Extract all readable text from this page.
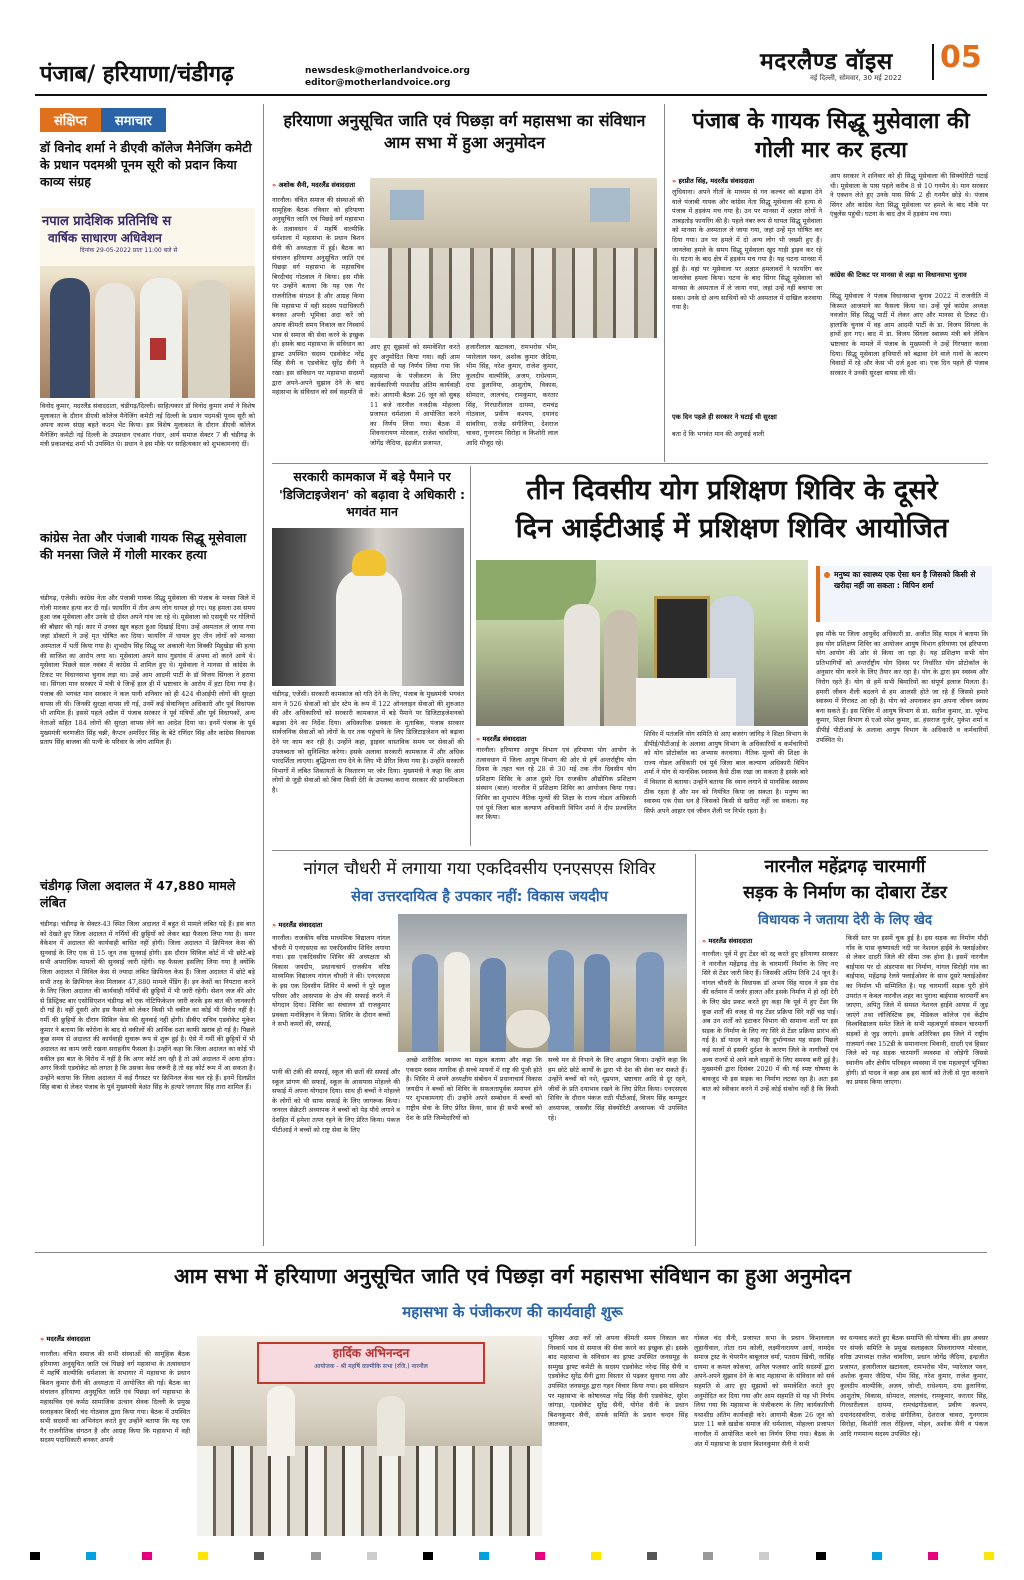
पंजाब/ हरियाणा/चंडीगढ़	newsdesk@motherlandvoice.org
editor@motherlandvoice.org
मदरलैण्ड वॉइस 05
नई दिल्ली, सोमवार, 30 मई 2022
संक्षिप्त	समाचार
डॉ विनोद शर्मा ने डीएवी कॉलेज मैनेजिंग कमेटी के प्रधान पदमश्री पूनम सूरी को प्रदान किया काव्य संग्रह
नपाल प्रादेशिक प्रतिनिधि स
वार्षिक साधारण अधिवेशन
दिनांक 29-05-2022 प्रातः 11:00 बजे से
विनोद कुमार, मदरलैंड संवाददाता, चंडीगढ़/दिल्ली। साहित्यकार डॉ विनोद कुमार शर्मा ने विशेष मुलाकात के दौरान डीएवी कॉलेज मैनेजिंग कमेटी नई दिल्ली के प्रधान पदमश्री पूनम सूरी को अपना काव्य संग्रह बहते कदम भेंट किया। इस विशेष मुलाकात के दौरान डीएवी कॉलेज मैनेजिंग कमेटी नई दिल्ली के उपप्रधान एचआर गंधार, आर्य समाज सेक्टर 7 बी चंडीगढ़ के मंत्री प्रकाशचंद्र शर्मा भी उपस्थित थे। प्रधान ने इस मौके पर साहित्यकार को शुभकामनाएं दीं।
कांग्रेस नेता और पंजाबी गायक सिद्धू मूसेवाला की मनसा जिले में गोली मारकर हत्या
चंडीगढ़, एजेंसी। कांग्रेस नेता और पंजाबी गायक सिद्धू मूसेवाला की पंजाब के मनसा जिले में गोली मारकर हत्या कर दी गई। फायरिंग में तीन अन्य लोग घायल हो गए। यह हमला उस समय हुआ जब मूसेवाला और उनके दो दोस्त अपने गांव जा रहे थे। मूसेवाला को एसयूवी पर गोलियों की बौछार की गई। कार में उनका खून बहता हुआ दिखाई दिया। उन्हें अस्पताल ले जाया गया जहां डॉक्टरों ने उन्हें मृत घोषित कर दिया। फायरिंग में घायल हुए तीन लोगों को मानसा अस्पताल में भर्ती किया गया है। शुभदीप सिंह सिद्धू पर अकाली नेता विक्की मिद्दुखेड़ा की हत्या की साजिश का आरोप लगा था। मूसेवाला अपने साथ गुडगांव में अपना शो करने आये थे। मूसेवाला पिछले साल नवंबर में कांग्रेस में शामिल हुए थे। मूसेवाला ने मानसा से कांग्रेस के टिकट पर विधानसभा चुनाव लड़ा था। उन्हें आम आदमी पार्टी के डॉ विजय सिंगला ने हराया था। सिंगला मान सरकार में मंत्री थे जिन्हें हाल ही में भ्रष्टाचार के आरोप में हटा दिया गया है। पंजाब की भगवंत मान सरकार ने कल यानी शनिवार को ही 424 वीआईपी लोगों की सुरक्षा वापस ली थी। जिनकी सुरक्षा वापस ली गई, उनमें कई सेवानिवृत्त अधिकारी और पूर्व विधायक भी शामिल हैं। इससे पहले अप्रैल में पंजाब सरकार ने पूर्व मंत्रियों और पूर्व विधायकों, अन्य नेताओं सहित 184 लोगों की सुरक्षा वापस लेने का आदेश दिया था। इनमें पंजाब के पूर्व मुख्यमंत्री चरणजीत सिंह चन्नी, कैप्टन अमरिंदर सिंह के बेटे रणिंदर सिंह और कांग्रेस विधायक प्रताप सिंह बाजवा की पत्नी के परिवार के लोग शामिल हैं।
चंडीगढ़ जिला अदालत में 47,880 मामले लंबित
चंडीगढ़। चंडीगढ़ के सेक्टर-43 स्थित जिला अदालत में बहुत से मामले लंबित पड़े हैं। इस बात को देखते हुए जिला अदालत में गर्मियों की छुट्टियों को लेकर बड़ा फैसला लिया गया है। समर वैकेशन में अदालत की कार्यवाही बाधित नहीं होगी। जिला अदालत में क्रिमिनल केस की सुनवाई के लिए एक से 15 जून तक सुनवाई होगी। इस दौरान सिविल कोर्ट में भी छोटे-बड़े सभी अपराधिक मामलों की सुनवाई जारी रहेगी। यह फैसला इसलिए लिया गया है क्योंकि जिला अदालत में सिविल केस से ज्यादा लंबित क्रिमिनल केस हैं। जिला अदालत में छोटे बड़े सभी तरह के क्रिमिनल केस मिलाकर 47,880 मामले पेंडिंग हैं। इन केसों का निपटारा करने के लिए जिला अदालत की कार्यवाही गर्मियों की छुट्टियों में भी जारी रहेगी। सेशन जज की ओर से डिस्ट्रिक्ट बार एसोसिएशन चंडीगढ़ को एक नोटिफिकेशन जारी करके इस बात की जानकारी दी गई है। वहीं दूसरी ओर इस फैसले को लेकर किसी भी वकील का कोई भी विरोध नहीं है। गर्मी की छुट्टियों के दौरान सिविल केस की सुनवाई नहीं होगी। डीबीए सचिव एडवोकेट मुकेश कुमार ने बताया कि कोरोना के बाद से वकीलों की आर्थिक दशा काफी खराब हो गई है। पिछले कुछ समय से अदालत की कार्यवाही सुचारू रूप से शुरू हुई है। ऐसे में गर्मी की छुट्टियों में भी अदालत का काम जारी रखना सराहनीय फैसला है। उन्होंने कहा कि जिला अदालत का कोई भी वकील इस बात के विरोध में नहीं है कि अगर कोर्ट लग रही है तो उसे अदालत में आना होगा। अगर किसी एडवोकेट को लगता है कि उसका केस जरूरी है तो वह कोर्ट रूम में आ सकता है। उन्होंने बताया कि जिला अदालत में कई गैंगस्टर पर क्रिमिनल केस चल रहे हैं। इनमें दिलप्रीत सिंह बाबा से लेकर पंजाब के पूर्व मुख्यमंत्री बेअंत सिंह के हत्यारे जगतार सिंह तारा शामिल हैं।
हरियाणा अनुसूचित जाति एवं पिछड़ा वर्ग महासभा का संविधान आम सभा में हुआ अनुमोदन
» अशोक सैनी, मदरलैंड संवाददाता
नारनौल। वंचित समाज की संस्थाओं की सामूहिक बैठक रविवार को हरियाणा अनुसूचित जाति एवं पिछड़े वर्ग महासभा के तत्वावधान में महर्षि वाल्मीकि धर्मशाला में महासभा के प्रधान बिशन सैनी की अध्यक्षता में हुई। बैठक का संचालन हरियाणा अनुसूचित जाति एवं पिछड़ा वर्ग महासभा के महासचिव बिरदीचंद गोठवाल ने किया। इस मौके पर उन्होंने बताया कि यह एक गैर राजनीतिक संगठन है और आग्रह किया कि महासभा में वही सदस्य पदाधिकारी बनकर अपनी भूमिका अदा करें जो अपना कीमती समय निकाल कर निस्वार्थ भाव से समाज की सेवा करने के इच्छुक हो। इसके बाद महासभा के संविधान का ड्राफ्ट उपस्थित सदस्य एडवोकेट नरेंद्र सिंह सैनी व एडवोकेट सुरेंद्र सैनी ने रखा। इस संविधान पर महासभा सदस्यों द्वारा अपने-अपने सुझाव देने के बाद महासभा के संविधान को सर्व सहमति से
आए हुए सुझावों को समावेशित करते हुए अनुमोदित किया गया। वहीं आम सहमति से यह निर्णय लिया गया कि महासभा के पंजीकरण के लिए कार्यकारिणी यथाशीघ्र अंतिम कार्यवाही करे। आगामी बैठक 26 जून को सुबह 11 बजे नारनौल नजदीक मोहल्ला प्रजापत धर्मशाला में आयोजित करने का निर्णय लिया गया। बैठक में शिवनारायण मोरवाल, राजेश चांवरिया, जोगेंद्र जैदिया, इंद्रजीत प्रजापत,
हजारीलाल खटावला, रामभरोस भीम, प्यारेलाल पवन, अशोक कुमार जैदिया, भीम सिंह, नरेश कुमार, राजेश कुमार, कुलदीप वाल्मीकि, अजय, राधेश्याम, दया डुलानिया, आशुतोष, विकास, सोमदत्त, लालचंद, रामकुमार, करतार सिंह, गिरधारीलाल दायमा, रामचंद्र गोठवाल, प्रवीण कश्यप, दयानंद सांवरिया, राजेंद्र संगीलिया, देशराज चावरा, गुनगराम सिरोहा व किशोरी लाल आदि मौजूद रहे।
पंजाब के गायक सिद्धू मुसेवाला की गोली मार कर हत्या
» हरप्रीत सिंह, मदरलैंड संवाददाता
लुधियाना। अपने गीतों के माध्यम से गन कल्चर को बढ़ावा देने वाले पंजाबी गायक और कांग्रेस नेता सिद्धू मूसेवाला की हत्या से पंजाब में हड़कंप मच गया है। उन पर मानसा में अज्ञात लोगों ने ताबड़तोड़ फायरिंग की है। पहले नंबर रूप से घायल सिद्धू मूसेवाला को मानसा के अस्पताल ले जाया गया, जहां उन्हें मृत घोषित कर दिया गया। उन पर हमले में दो अन्य लोग भी जख्मी हुए हैं। जानलेवा हमले के समय सिद्धू मूसेवाला खुद गाड़ी ड्राइव कर रहे थे। घटना के बाद क्षेत्र में हड़कंप मच गया है। यह घटना मानसा में हुई है। वहां पर मूसेवाला पर अज्ञात हमलावरों ने फायरिंग कर जानलेवा हमला किया। घटना के बाद सिंगर सिद्धू मूसेवाला को मानसा के अस्पताल में ले जाया गया, जहां उन्हें नहीं बचाया जा सका। उनके दो अन्य साथियों को भी अस्पताल में दाखिल करवाया गया है।
एक दिन पहले ही सरकार ने घटाई थी सुरक्षा
बता दें कि भगवंत मान की अगुवाई वाली
आप सरकार ने शनिवार को ही सिद्धू मूसेवाला की सिक्योरिटी घटाई थी। मूसेवाला के पास पहले करीब 8 से 10 गनमैन थे। मान सरकार ने एक्शन लेते हुए उनके पास सिर्फ 2 ही गनमैन छोड़े थे। पंजाब सिंगर और कांग्रेस नेता सिद्धू मूसेवाला पर हमले के बाद मौके पर एंबुलेंस पहुंची। घटना के बाद क्षेत्र में हड़कंप मच गया।
कांग्रेस की टिकट पर मानसा से लड़ा था विधानसभा चुनाव
सिद्धू मूसेवाला ने पंजाब विधानसभा चुनाव 2022 में राजनीति में किस्मत आजमाने का फैसला किया था। उन्हें पूर्व कांग्रेस अध्यक्ष नवजोत सिंह सिद्धू पार्टी में लेकर आए और मानसा से टिकट दी। हालांकि चुनाव में वह आम आदमी पार्टी के डा. विजय सिंगला के हाथों हार गए। बाद में डा. विजय सिंगला स्वास्थ्य मंत्री बने लेकिन भ्रष्टाचार के मामले में पंजाब के मुख्यमंत्री ने उन्हें गिरफ्तार करवा दिया। सिद्धू मूसेवाला हथियारों को बढ़ावा देने वाले गानों के कारण विवादों में रहे और केस भी दर्ज हुआ था। एक दिन पहले ही पंजाब सरकार ने उनकी सुरक्षा वापस ली थी।
सरकारी कामकाज में बड़े पैमाने पर 'डिजिटाइजेशन' को बढ़ावा दे अधिकारी : भगवंत मान
चंडीगढ़, एजेंसी। सरकारी कामकाज को गति देने के लिए, पंजाब के मुख्यमंत्री भगवंत मान ने 526 सेवाओं को डोर स्टेप के रूप में 122 ऑनलाइन सेवाओं की शुरुआत की और अधिकारियों को सरकारी कामकाज में बड़े पैमाने पर डिजिटाइजेशनको बढ़ावा देने का निर्देश दिया। अधिकारिक प्रवक्ता के मुताबिक, पंजाब सरकार सार्वजनिक सेवाओं को लोगों के घर तक पहुंचाने के लिए डिजिटाइजेशन को बढ़ावा देने पर काम कर रही है। उन्होंने कहा, ड्राइवर वास्तविक समय पर सेवाओं की उपलब्धता को सुनिश्चित करेगा। इसके अलावा सरकारी कामकाज में और अधिक पारदर्शिता लाएगा। बुद्धिमत्ता राय देने के लिए भी प्रेरित किया गया है। उन्होंने सरकारी विभागों में लंबित शिकायतों के निस्तारण पर जोर दिया। मुख्यमंत्री ने कहा कि आम लोगों से जुड़ी सेवाओं को बिना किसी देरी के उपलब्ध कराना सरकार की प्राथमिकता है।
तीन दिवसीय योग प्रशिक्षण शिविर के दूसरे
दिन आईटीआई में प्रशिक्षण शिविर आयोजित
मनुष्य का स्वास्थ्य एक ऐसा धन है जिसको किसी से खरीदा नहीं जा सकता : विपिन शर्मा
इस मौके पर जिला आयुर्वेद अधिकारी डा. अजीत सिंह यादव ने बताया कि इस योग प्रशिक्षण शिविर का आयोजन आयुष विभाग हरियाणा एवं हरियाणा योग आयोग की ओर से किया जा रहा है। यह प्रशिक्षण सभी योग प्रतिभागियों को अन्तर्राष्ट्रीय योग दिवस पर निर्धारित योग प्रोटोकॉल के अनुसार योग करने के लिए तैयार कर रहा है। योग के द्वारा हम स्वस्थ्य और निरोग रहते हैं। योग से हमें सभी बिमारियों का संपूर्ण इलाज मिलता है। हमारी जीवन शैली बदलने से हम आलसी होते जा रहे हैं जिससे हमारे स्वास्थ्य में गिरावट आ रही है। योग को अपनाकर हम अपना जीवन स्वस्थ बना सकते हैं। इस शिविर में आयुष विभाग से डा. सतीश कुमार, डा. भूपेन्द्र कुमार, शिक्षा विभाग से एओ रमेश कुमार, डा. हंसराज गुर्जर, मुकेश शर्मा व डीपीई पीटीआई के अलावा आयुष विभाग के अधिकारी व कर्मचारियों उपस्थित थे।
» मदरलैंड संवाददाता
नारनौल। हरियाणा आयुष विभाग एवं हरियाणा योग आयोग के तत्वावधान में जिला आयुष विभाग की ओर से हर्ष अन्तर्राष्ट्रीय योग दिवस के तहत चल रहे 28 से 30 मई तक तीन दिवसीय योग प्रशिक्षण शिविर के आज दूसरे दिन राजकीय औद्योगिक प्रशिक्षण संस्थान (बाल) नारनौल में प्रशिक्षण शिविर का आयोजन किया गया। शिविर का शुभारंभ नैतिक मूल्यों की शिक्षा के राज्य नोडल अधिकारी एवं पूर्व जिला बाल कल्याण अधिकारी विपिन शर्मा ने दीप प्रज्वलित कर किया।
शिविर में पतंजलि योग समिति से आए बजरंग जांगिड़ ने शिक्षा विभाग के डीपीई/पीटीआई के अलावा आयुष विभाग के अधिकारियों व कर्मचारियों को योग प्रोटोकॉल का अभ्यास करवाया। नैतिक मूल्यों की शिक्षा के राज्य नोडल अधिकारी एवं पूर्व जिला बाल कल्याण अधिकारी विपिन शर्मा ने योग से मानसिक स्वास्थ्य कैसे ठीक रखा जा सकता है इसके बारे में विस्तार से बताया। उन्होंने बताया कि ध्यान लगाने से मानसिक स्वास्थ्य ठीक रहता है और मन को नियंत्रित किया जा सकता है। मनुष्य का स्वास्थ्य एक ऐसा धन है जिसको किसी से खरीदा नहीं जा सकता। यह सिर्फ अपने आहार एवं जीवन शैली पर निर्भर रहता है।
नांगल चौधरी में लगाया गया एकदिवसीय एनएसएस शिविर
सेवा उत्तरदायित्व है उपकार नहीं: विकास जयदीप
» मदरलैंड संवाददाता
नारनौल। राजकीय वरिष्ठ माध्यमिक विद्यालय नांगल चौधरी में एनएसएस का एकदिवसीय शिविर लगाया गया। इस एकदिवसीय शिविर की अध्यक्षता श्री विकास जयदीप, प्रधानाचार्य राजकीय वरिष्ठ माध्यमिक विद्यालय नांगल चौधरी ने की। एनएसएस के इस एक दिवसीय शिविर में बच्चों ने पूरे स्कूल परिसर और आसपास के क्षेत्र की सफाई करने में योगदान दिया। शिविर का संचालन डॉ राजकुमार प्रवक्ता मनोविज्ञान ने किया। शिविर के दौरान बच्चों ने सभी कमरों की, सफाई,
पानी की टंकी की सफाई, स्कूल की छतों की सफाई और स्कूल प्रांगण की सफाई, स्कूल के आसपास मोहल्ले की सफाई में अपना योगदान दिया। साथ ही बच्चों ने मोहल्ले के लोगों को भी साफ सफाई के लिए जागरूक किया। जनरल सेक्रेटरी अध्यापक ने बच्चों को पेड़ पौधे लगाने व देशहित में हमेशा तत्पर रहने के लिए प्रेरित किया। पंकज पीटीआई ने बच्चों को राष्ट्र सेवा के लिए
अच्छे शारीरिक स्वास्थ्य का महत्व बताया और कहा कि एकदम स्वस्थ नागरिक ही सच्चे मायनों में राष्ट्र की पूंजी होते हैं। शिविर में अपने अध्यक्षीय संबोधन में प्रधानाचार्य विकास जयदीप ने बच्चों को शिविर के सफलतापूर्वक समापन होने पर शुभकामनाएं दीं। उन्होंने अपने सम्बोधन में बच्चों को राष्ट्रीय सेवा के लिए प्रेरित किया, साथ ही सभी बच्चों को देश के प्रति जिम्मेदारियों को
सच्चे मन से निभाने के लिए आह्वान किया। उन्होंने कहा कि हम छोटे छोटे कार्यों के द्वारा भी देश की सेवा कर सकते हैं। उन्होंने बच्चों को नशे, धूम्रपान, भ्रष्टाचार आदि से दूर रहने, जीवों के प्रति दयाभाव रखने के लिए प्रेरित किया। एनएसएस शिविर के दौरान पंकज राठी पीटीआई, विजय सिंह कम्प्यूटर अध्यापक, जसवीर सिंह सेक्योरिटी अध्यापक भी उपस्थित रहे।
नारनौल महेंद्रगढ़ चारमार्गी
सड़क के निर्माण का दोबारा टेंडर
विधायक ने जताया देरी के लिए खेद
» मदरलैंड संवाददाता
नारनौल। पूर्व में हुए टेंडर को रद्द करते हुए हरियाणा सरकार ने नारनौल महेंद्रगढ़ रोड़ के चारमार्गी निर्माण के लिए नए सिरे से टेंडर जारी किए हैं। जिसकी अंतिम तिथि 24 जून है। नांगल चौधरी के विधायक डॉ अभय सिंह यादव ने इस रोड की वर्तमान में जर्जर हालत और इसके निर्माण में हो रही देरी के लिए खेद प्रकट करते हुए कहा कि पूर्व में हुए टेंडर कि कुछ शर्तों की वजह से यह टेंडर प्रक्रिया सिरे नहीं चढ़ पाई। अब उन शर्तों को हटाकर विभाग की सामान्य शर्तों पर इस सड़क के निर्माण के लिए नए सिरे से टेंडर प्रक्रिया प्रारंभ की गई है। डॉ यादव ने कहा कि दुर्भाग्यवश यह सड़क पिछले कई सालों से इसकी दुर्दशा के कारण जिले के नागरिकों एवं अन्य राज्यों से आने वाले वाहनों के लिए समस्या बनी हुई है। मुख्यमंत्री द्वारा दिसंबर 2020 में की गई स्पष्ट घोषणा के बावजूद भी इस सड़क का निर्माण लटका रहा है। अतः इस बात को स्वीकार करने में उन्हें कोई संकोच नहीं है कि किसी न
किसी स्तर पर इसमें चूक हुई है। इस सड़क का निर्माण मौदी गाँव के पास कृष्णावती नदी पर नेशनल हाईवे के फ्लाईओवर से लेकर दादरी जिले की सीमा तक होना है। इसमें नारनौल बाईपास पर दो अंडरपास का निर्माण, नांगल सिरोही गांव का बाईपास, महेंद्रगढ़ रेलवे फ्लाईओवर के साथ दूसरे फ्लाईओवर का निर्माण भी सम्मिलित है। यह चारमार्गी सड़क पूरी होने उपरांत न केवल नारनौल शहर का पुराना बाईपास चारमार्गी बन जाएगा, अपितु जिले में समस्त नेशनल हाईवे आपस में जुड़ जाएंगे तथा लॉजिस्टिक हब, मेडिकल कॉलेज एवं केंद्रीय विश्वविद्यालय समेत जिले के सभी महत्वपूर्ण संस्थान चारमार्गी सड़कों से जुड़ जाएंगे। इसके अतिरिक्त इस जिले में राष्ट्रीय राजमार्ग नंबर 152डी के समानान्तर भिवानी, दादरी एवं हिसार जिले को यह सड़क चारमार्गी व्यवस्था से जोड़ेगी जिससे स्थानीय और क्षेत्रीय परिवहन व्यवस्था में एक महत्वपूर्ण भूमिका होगी। डॉ यादव ने कहा अब इस कार्य को तेजी से पूरा करवाने का प्रयास किया जाएगा।
आम सभा में हरियाणा अनुसूचित जाति एवं पिछड़ा वर्ग महासभा संविधान का हुआ अनुमोदन
महासभा के पंजीकरण की कार्यवाही शुरू
» मदरलैंड संवाददाता
नारनौल। वंचित समाज की सभी संस्थाओं की सामूहिक बैठक हरियाणा अनुसूचित जाति एवं पिछड़े वर्ग महासभा के तत्वावधान में महर्षि वाल्मीकि धर्मशाला के सभागार में महासभा के प्रधान बिशन कुमार सैनी की अध्यक्षता में आयोजित की गई। बैठक का संचालन हरियाणा अनुसूचित जाति एवं पिछड़ा वर्ग महासभा के महासचिव एवं कर्मठ सामाजिक उत्थान सेवक दिल्ली के प्रमुख सलाहकार बिरदी चंद गोठवाल द्वारा किया गया। बैठक में उपस्थित सभी सदस्यों का अभिनंदन करते हुए उन्होंने बताया कि यह एक गैर राजनीतिक संगठन है और आग्रह किया कि महासभा में वही सदस्य पदाधिकारी बनकर अपनी
हार्दिक अभिनन्दन
आयोजक - श्री महर्षि वाल्मीकि सभा (रजि.) नारनौल
भूमिका अदा करें जो अपना कीमती समय निकाल कर निस्वार्थ भाव से समाज की सेवा करने का इच्छुक हो। इसके बाद महासभा के संविधान का ड्राफ्ट उपस्थित जनसमूह के सम्मुख ड्राफ्ट कमेटी के सदस्य एडवोकेट नरेन्द्र सिंह सैनी व एडवोकेट सुरेंद्र सैनी द्वारा विस्तार से पढ़कर सुनाया गया और उपस्थित जनसमूह द्वारा गहन विचार किया गया। इस संविधान पर महासभा के कोषाध्यक्ष नरेंद्र सिंह सैनी एडवोकेट, सुरेश जांगड़ा, एडवोकेट सुरेंद्र सैनी, योगेश सैनी के प्रधान बिशनकुमार सैनी, संपर्क समिति के प्रधान चन्दन सिंह जालवान,
गोकल चंद सैनी, प्रजापत सभा के प्रधान किशनलाल लुहानीवाल, तोता राम कोली, लक्ष्मीनारायण आर्य, नामदेव समाज ट्रस्ट के चेयरमैन बाबूलाल वर्मा, पतराम खिंची, नरसिंह दायमा व कमल कोकचा, अनिल फलवार आदि सदस्यों द्वारा अपने-अपने सुझाव देने के बाद महासभा के संविधान को सर्व सहमति से आए हुए सुझावों को समावेशित करते हुए अनुमोदित कर दिया गया और आम सहमति से यह भी निर्णय लिया गया कि महासभा के पंजीकरण के लिए कार्यकारिणी यथाशीघ्र अंतिम कार्यवाही करे। आगामी बैठक 26 जून को प्रातः 11 बजे खडोक समाज की धर्मशाला, मोहल्ला प्रजापत नारनौल में आयोजित करने का निर्णय लिया गया। बैठक के अंत में महासभा के प्रधान बिशनकुमार सैनी ने सभी
का धन्यवाद करते हुए बैठक समाप्ति की घोषणा की। इस अवसर पर संपर्क समिति के प्रमुख सलाहकार शिवनारायण मोरवाल, वरिष्ठ उपाध्यक्ष राजेश चांवरिया, प्रधान जोगेंद्र जैदिया, इन्द्रजीत प्रजापत, हजारीलाल खटावला, रामभरोस भीम, प्यारेलाल पवन, अशोक कुमार जैदिया, भीम सिंह, नरेश कुमार, राजेश कुमार, कुलदीप वाल्मीकि, अजय, जोन्टी, राधेश्याम, दया डुलानिया, आशुतोष, विकास, सोमदत्त, लालचंद, रामकुमार, करतार सिंह, गिरधारीलाल दायमा, रामचंद्रगोठवाल, प्रवीण कश्यप, दयानंदसांवरिया, राजेन्द्र संगीलिया, देशराज चावरा, गुनगराम सिरोहा, किशोरी लाल रोहिल्ला, मोहन, अशोक सैनी व पंकज आदि गणमान्य सदस्य उपस्थित रहे।
